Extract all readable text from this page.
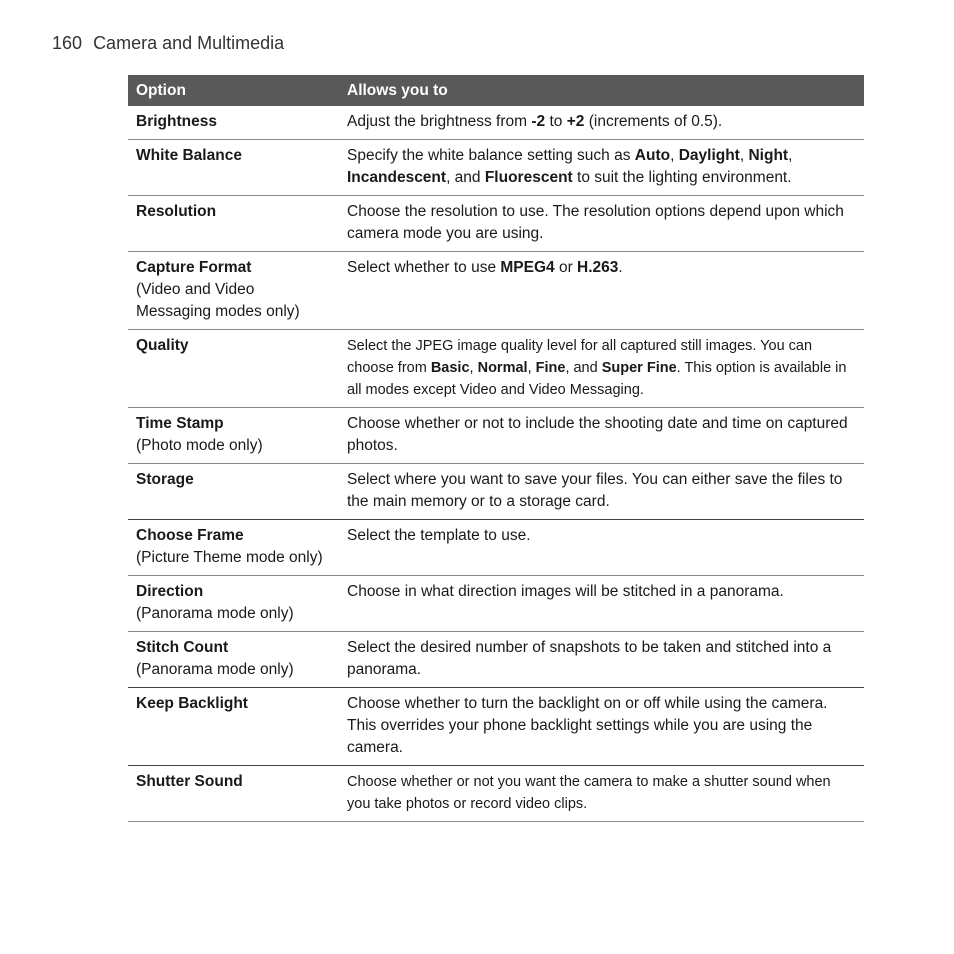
160 Camera and Multimedia
Option	Allows you to

Brightness	Adjust the brightness from -2 to +2 (increments of 0.5).

White Balance	Specify the white balance setting such as Auto, Daylight, Night, Incandescent, and Fluorescent to suit the lighting environment.

Resolution	Choose the resolution to use. The resolution options depend upon which camera mode you are using.

Capture Format
(Video and Video Messaging modes only)	Select whether to use MPEG4 or H.263.

Quality	Select the JPEG image quality level for all captured still images. You can choose from Basic, Normal, Fine, and Super Fine. This option is available in all modes except Video and Video Messaging.

Time Stamp
(Photo mode only)	Choose whether or not to include the shooting date and time on captured photos.

Storage	Select where you want to save your files. You can either save the files to the main memory or to a storage card.

Choose Frame
(Picture Theme mode only)	Select the template to use.

Direction
(Panorama mode only)	Choose in what direction images will be stitched in a panorama.

Stitch Count
(Panorama mode only)	Select the desired number of snapshots to be taken and stitched into a panorama.

Keep Backlight	Choose whether to turn the backlight on or off while using the camera. This overrides your phone backlight settings while you are using the camera.

Shutter Sound	Choose whether or not you want the camera to make a shutter sound when you take photos or record video clips.
